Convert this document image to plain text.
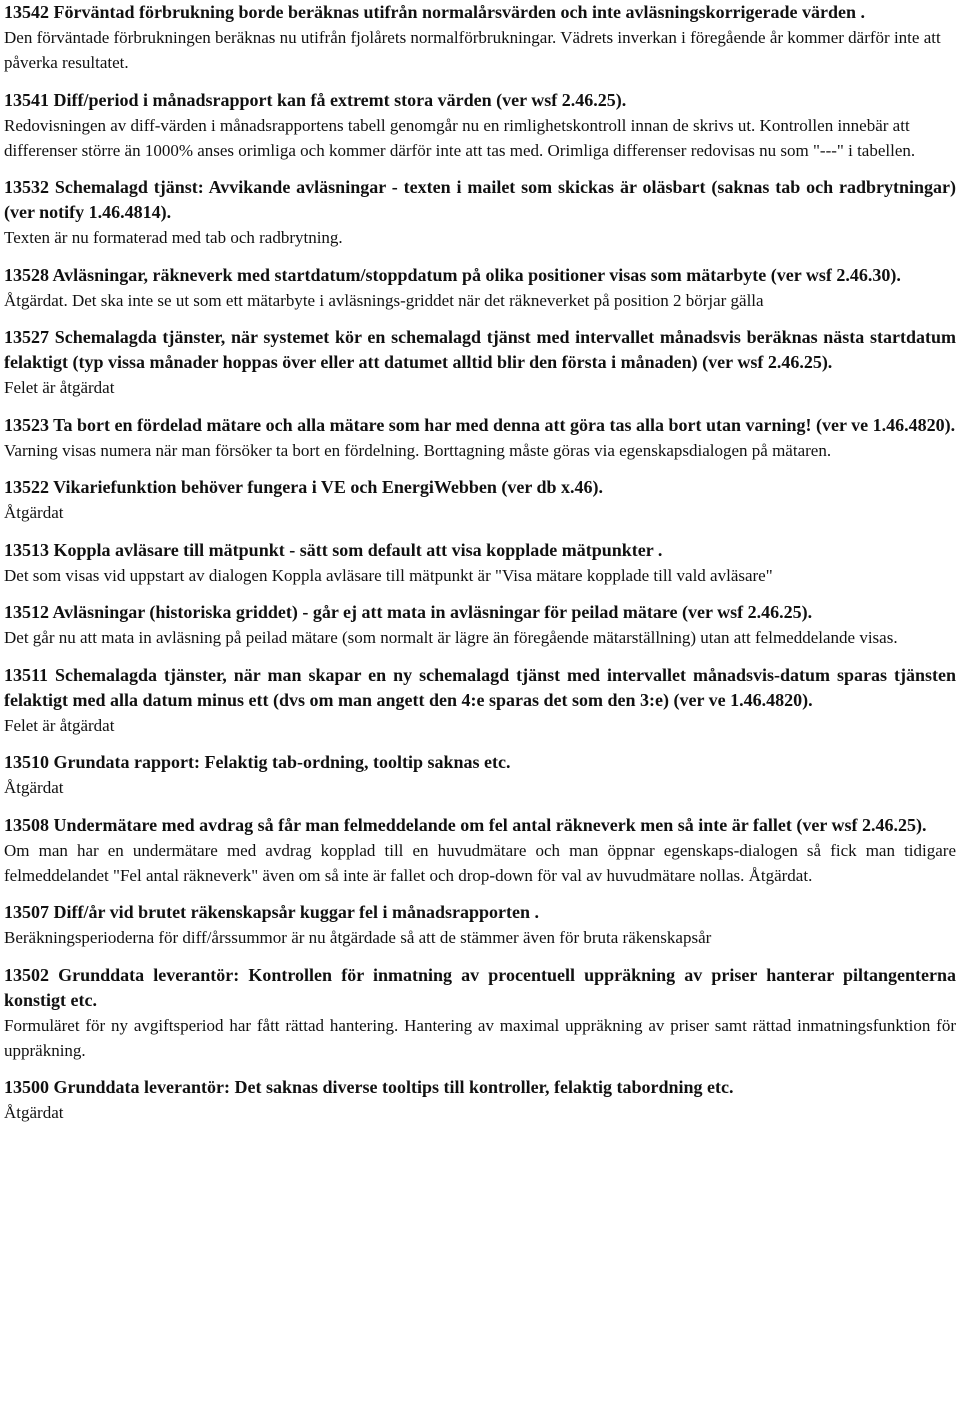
13542 Förväntad förbrukning borde beräknas utifrån normalårsvärden och inte avläsningskorrigerade värden .

Den förväntade förbrukningen beräknas nu utifrån fjolårets normalförbrukningar. Vädrets inverkan i föregående år kommer därför inte att påverka resultatet.

13541 Diff/period i månadsrapport kan få extremt stora värden (ver wsf 2.46.25).

Redovisningen av diff-värden i månadsrapportens tabell genomgår nu en rimlighetskontroll innan de skrivs ut. Kontrollen innebär att differenser större än 1000% anses orimliga och kommer därför inte att tas med. Orimliga differenser redovisas nu som "---" i tabellen.

13532 Schemalagd tjänst: Avvikande avläsningar - texten i mailet som skickas är oläsbart (saknas tab och radbrytningar) (ver notify 1.46.4814).

Texten är nu formaterad med tab och radbrytning.

13528 Avläsningar, räkneverk med startdatum/stoppdatum på olika positioner visas som mätarbyte (ver wsf 2.46.30).

Åtgärdat. Det ska inte se ut som ett mätarbyte i avläsnings-griddet när det räkneverket på position 2 börjar gälla

13527 Schemalagda tjänster, när systemet kör en schemalagd tjänst med intervallet månadsvis beräknas nästa startdatum felaktigt (typ vissa månader hoppas över eller att datumet alltid blir den första i månaden) (ver wsf 2.46.25).

Felet är åtgärdat

13523 Ta bort en fördelad mätare och alla mätare som har med denna att göra tas alla bort utan varning! (ver ve 1.46.4820).

Varning visas numera när man försöker ta bort en fördelning. Borttagning måste göras via egenskapsdialogen på mätaren.

13522 Vikariefunktion behöver fungera i VE och EnergiWebben (ver db x.46).

Åtgärdat

13513 Koppla avläsare till mätpunkt - sätt som default att visa kopplade mätpunkter .

Det som visas vid uppstart av dialogen Koppla avläsare till mätpunkt är "Visa mätare kopplade till vald avläsare"

13512 Avläsningar (historiska griddet) - går ej att mata in avläsningar för peilad mätare (ver wsf 2.46.25).

Det går nu att mata in avläsning på peilad mätare (som normalt är lägre än föregående mätarställning) utan att felmeddelande visas.

13511 Schemalagda tjänster, när man skapar en ny schemalagd tjänst med intervallet månadsvis-datum sparas tjänsten felaktigt med alla datum minus ett (dvs om man angett den 4:e sparas det som den 3:e) (ver ve 1.46.4820).

Felet är åtgärdat

13510 Grundata rapport: Felaktig tab-ordning, tooltip saknas etc.

Åtgärdat

13508 Undermätare med avdrag så får man felmeddelande om fel antal räkneverk men så inte är fallet (ver wsf 2.46.25).

Om man har en undermätare med avdrag kopplad till en huvudmätare och man öppnar egenskaps-dialogen så fick man tidigare felmeddelandet "Fel antal räkneverk" även om så inte är fallet och drop-down för val av huvudmätare nollas. Åtgärdat.

13507 Diff/år vid brutet räkenskapsår kuggar fel i månadsrapporten .

Beräkningsperioderna för diff/årssummor är nu åtgärdade så att de stämmer även för bruta räkenskapsår

13502 Grunddata leverantör: Kontrollen för inmatning av procentuell uppräkning av priser hanterar piltangenterna konstigt etc.

Formuläret för ny avgiftsperiod har fått rättad hantering. Hantering av maximal uppräkning av priser samt rättad inmatningsfunktion för uppräkning.

13500 Grunddata leverantör: Det saknas diverse tooltips till kontroller, felaktig tabordning etc.

Åtgärdat
